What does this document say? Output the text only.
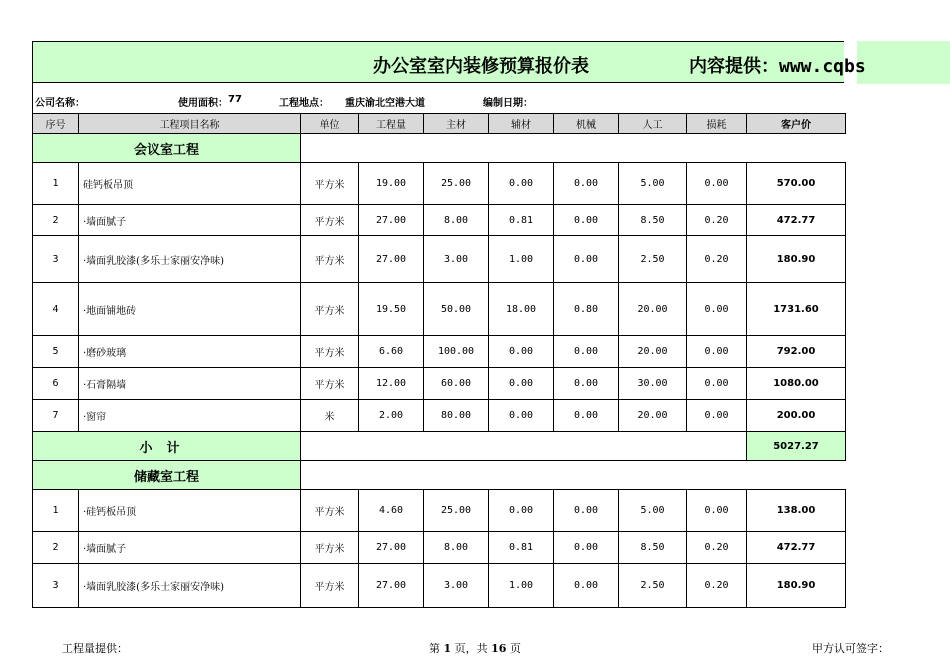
办公室室内装修预算报价表	内容提供：www.cqbs
公司名称：	使用面积： 77	工程地点： 重庆渝北空港大道	编制日期：
序号	工程项目名称	单位	工程量	主材	辅材	机械	人工	损耗	客户价
会议室工程									
1	硅钙板吊顶	平方米	19.00	25.00	0.00	0.00	5.00	0.00	570.00
2	·墙面腻子	平方米	27.00	8.00	0.81	0.00	8.50	0.20	472.77
3	·墙面乳胶漆(多乐士家丽安净味)	平方米	27.00	3.00	1.00	0.00	2.50	0.20	180.90
4	·地面铺地砖	平方米	19.50	50.00	18.00	0.80	20.00	0.00	1731.60
5	·磨砂玻璃	平方米	6.60	100.00	0.00	0.00	20.00	0.00	792.00
6	·石膏隔墙	平方米	12.00	60.00	0.00	0.00	30.00	0.00	1080.00
7	·窗帘	米	2.00	80.00	0.00	0.00	20.00	0.00	200.00
小计									5027.27
储藏室工程									
1	·硅钙板吊顶	平方米	4.60	25.00	0.00	0.00	5.00	0.00	138.00
2	·墙面腻子	平方米	27.00	8.00	0.81	0.00	8.50	0.20	472.77
3	·墙面乳胶漆(多乐士家丽安净味)	平方米	27.00	3.00	1.00	0.00	2.50	0.20	180.90
工程量提供：	第 1 页，共 16 页	甲方认可签字：
